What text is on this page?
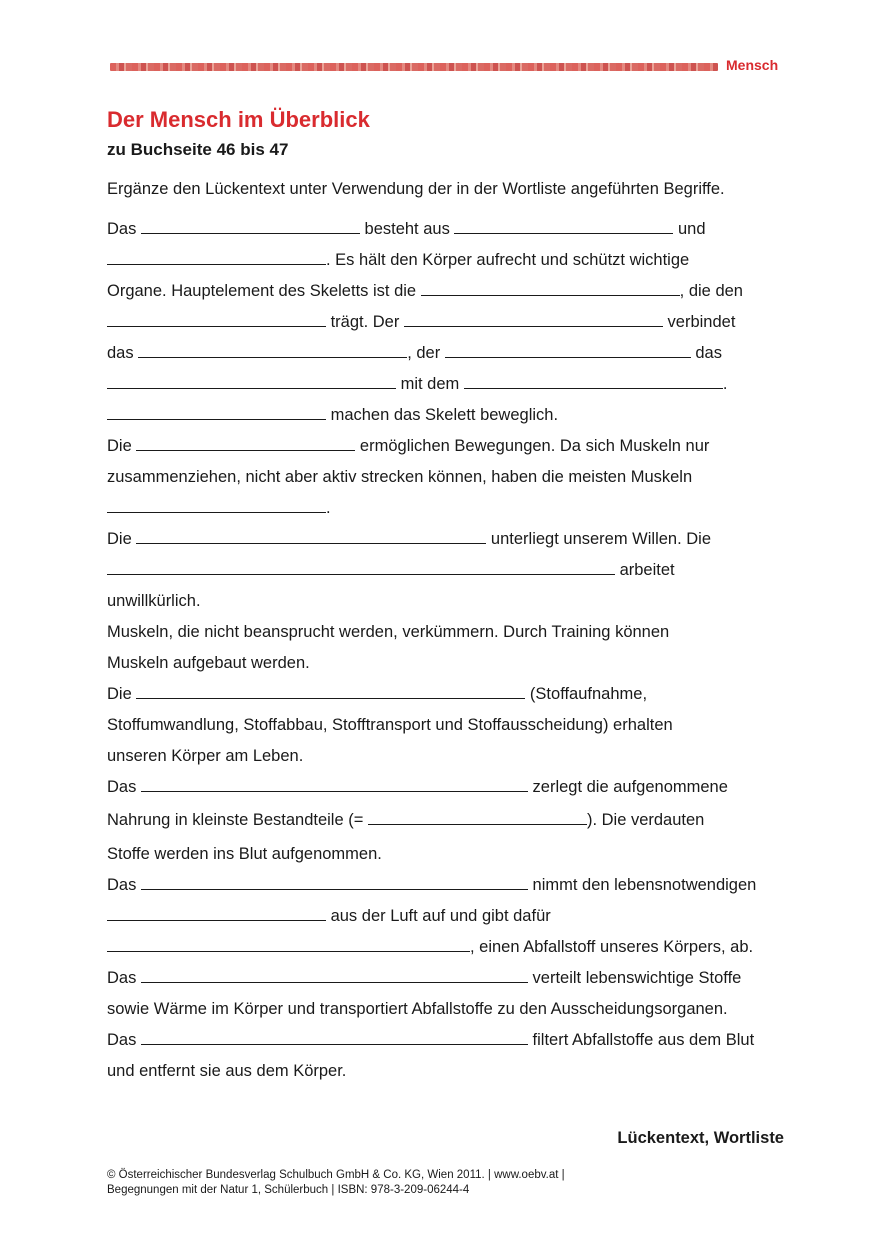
Mensch
Der Mensch im Überblick
zu Buchseite 46 bis 47
Ergänze den Lückentext unter Verwendung der in der Wortliste angeführten Begriffe.
Das	besteht aus	und
. Es hält den Körper aufrecht und schützt wichtige
Organe. Hauptelement des Skeletts ist die	, die den
trägt. Der	verbindet
das	, der	das
mit dem	.
machen das Skelett beweglich.
Die	ermöglichen Bewegungen. Da sich Muskeln nur
zusammenziehen, nicht aber aktiv strecken können, haben die meisten Muskeln
.
Die	unterliegt unserem Willen. Die
arbeitet
unwillkürlich.
Muskeln, die nicht beansprucht werden, verkümmern. Durch Training können
Muskeln aufgebaut werden.
Die	(Stoffaufnahme,
Stoffumwandlung, Stoffabbau, Stofftransport und Stoffausscheidung) erhalten
unseren Körper am Leben.
Das	zerlegt die aufgenommene
Nahrung in kleinste Bestandteile (=	). Die verdauten
Stoffe werden ins Blut aufgenommen.
Das	nimmt den lebensnotwendigen
aus der Luft auf und gibt dafür
, einen Abfallstoff unseres Körpers, ab.
Das	verteilt lebenswichtige Stoffe
sowie Wärme im Körper und transportiert Abfallstoffe zu den Ausscheidungsorganen.
Das	filtert Abfallstoffe aus dem Blut
und entfernt sie aus dem Körper.
Lückentext, Wortliste
© Österreichischer Bundesverlag Schulbuch GmbH & Co. KG, Wien 2011. | www.oebv.at |
Begegnungen mit der Natur 1, Schülerbuch | ISBN: 978-3-209-06244-4
